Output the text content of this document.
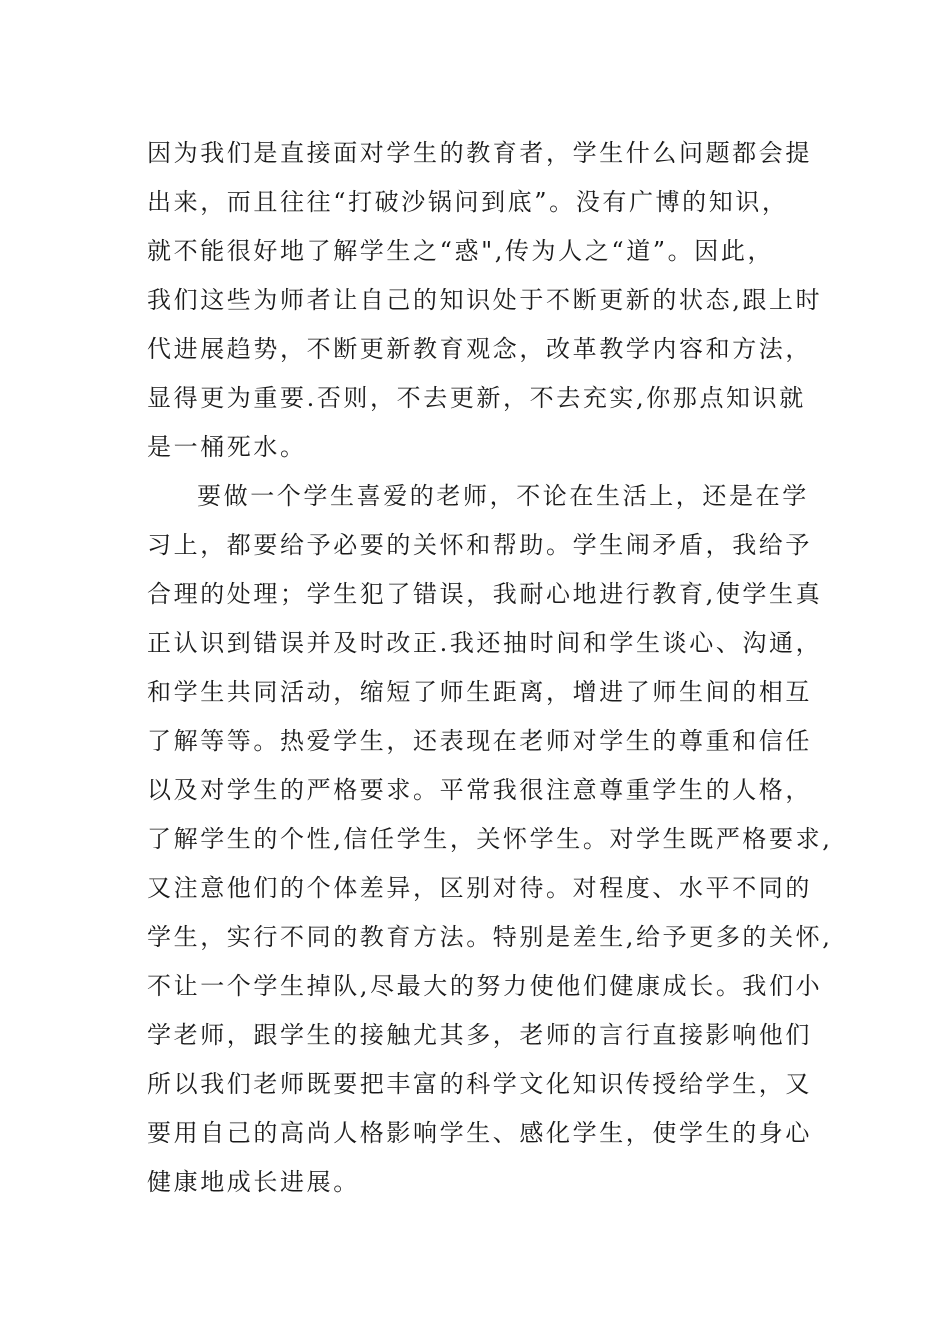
因为我们是直接面对学生的教育者，学生什么问题都会提
出来，而且往往“打破沙锅问到底”。没有广博的知识，
就不能很好地了解学生之“惑",传为人之“道”。因此，
我们这些为师者让自己的知识处于不断更新的状态,跟上时
代进展趋势，不断更新教育观念，改革教学内容和方法，
显得更为重要.否则，不去更新，不去充实,你那点知识就
是一桶死水。
要做一个学生喜爱的老师，不论在生活上，还是在学
习上，都要给予必要的关怀和帮助。学生闹矛盾，我给予
合理的处理；学生犯了错误，我耐心地进行教育,使学生真
正认识到错误并及时改正.我还抽时间和学生谈心、沟通，
和学生共同活动，缩短了师生距离，增进了师生间的相互
了解等等。热爱学生，还表现在老师对学生的尊重和信任
以及对学生的严格要求。平常我很注意尊重学生的人格，
了解学生的个性,信任学生，关怀学生。对学生既严格要求,
又注意他们的个体差异，区别对待。对程度、水平不同的
学生，实行不同的教育方法。特别是差生,给予更多的关怀,
不让一个学生掉队,尽最大的努力使他们健康成长。我们小
学老师，跟学生的接触尤其多，老师的言行直接影响他们
所以我们老师既要把丰富的科学文化知识传授给学生，又
要用自己的高尚人格影响学生、感化学生，使学生的身心
健康地成长进展。
